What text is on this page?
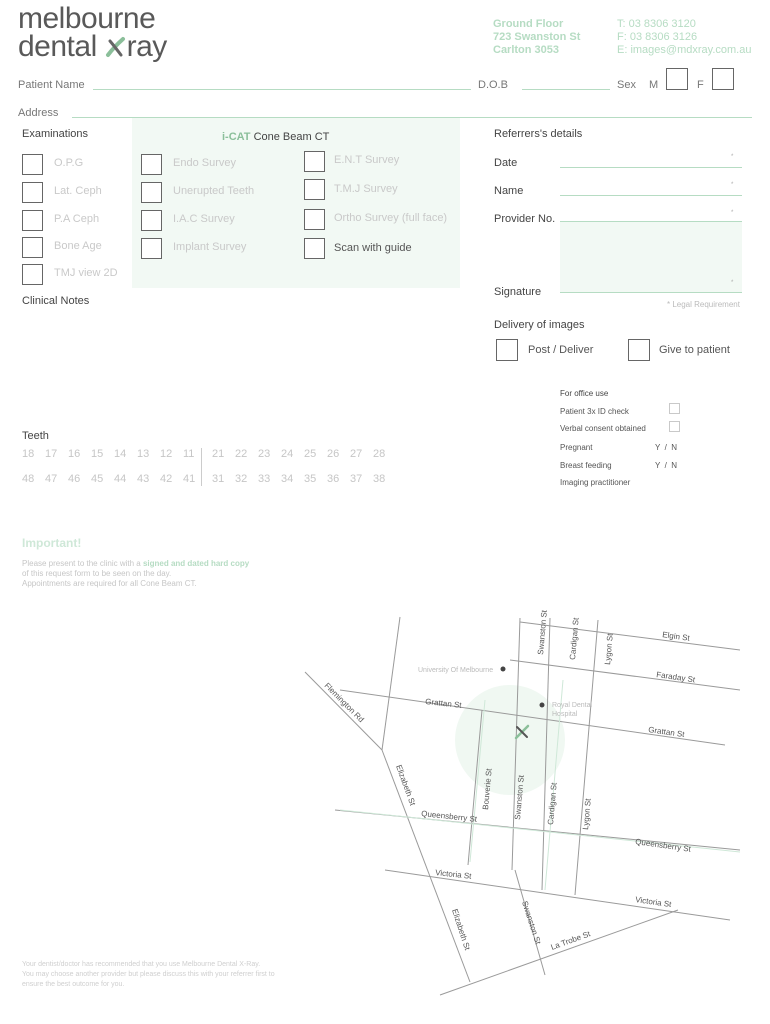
melbourne
dental ray
Ground Floor
723 Swanston St
Carlton 3053
T: 03 8306 3120
F: 03 8306 3126
E: images@mdxray.com.au
Patient Name	D.O.B	Sex M	F
Address
Examinations	i-CAT Cone Beam CT
O.P.G
Lat. Ceph
P.A Ceph
Bone Age
TMJ view 2D
Endo Survey
Unerupted Teeth
I.A.C Survey
Implant Survey
E.N.T Survey
T.M.J Survey
Ortho Survey (full face)
Scan with guide
Clinical Notes
Referrers's details
Date	*
Name	*
Provider No.	*
Signature
*
* Legal Requirement
Delivery of images
Post / Deliver	Give to patient
For office use
Patient 3x ID check
Verbal consent obtained
Pregnant	Y  /  N
Breast feeding	Y  /  N
Imaging practitioner
Teeth
18 17 16 15 14 13 12 11	21 22 23 24 25 26 27 28
48 47 46 45 44 43 42 41	31 32 33 34 35 36 37 38
Important!
Please present to the clinic with a signed and dated hard copy
of this request form to be seen on the day.
Appointments are required for all Cone Beam CT.
University Of Melbourne
Royal Dental
Hospital
Swanston St Cardigan St	Lygon St	Elgin St
Faraday St
Flemington Rd	Grattan St
Grattan St
Elizabeth St	Bouverie St Swanston St	Cardigan St	Lygon St
Queensberry St
Queensberry St
Victoria St
Victoria St
Elizabeth St	Swanston St La Trobe St
Your dentist/doctor has recommended that you use Melbourne Dental X-Ray.
You may choose another provider but please discuss this with your referrer first to
ensure the best outcome for you.
